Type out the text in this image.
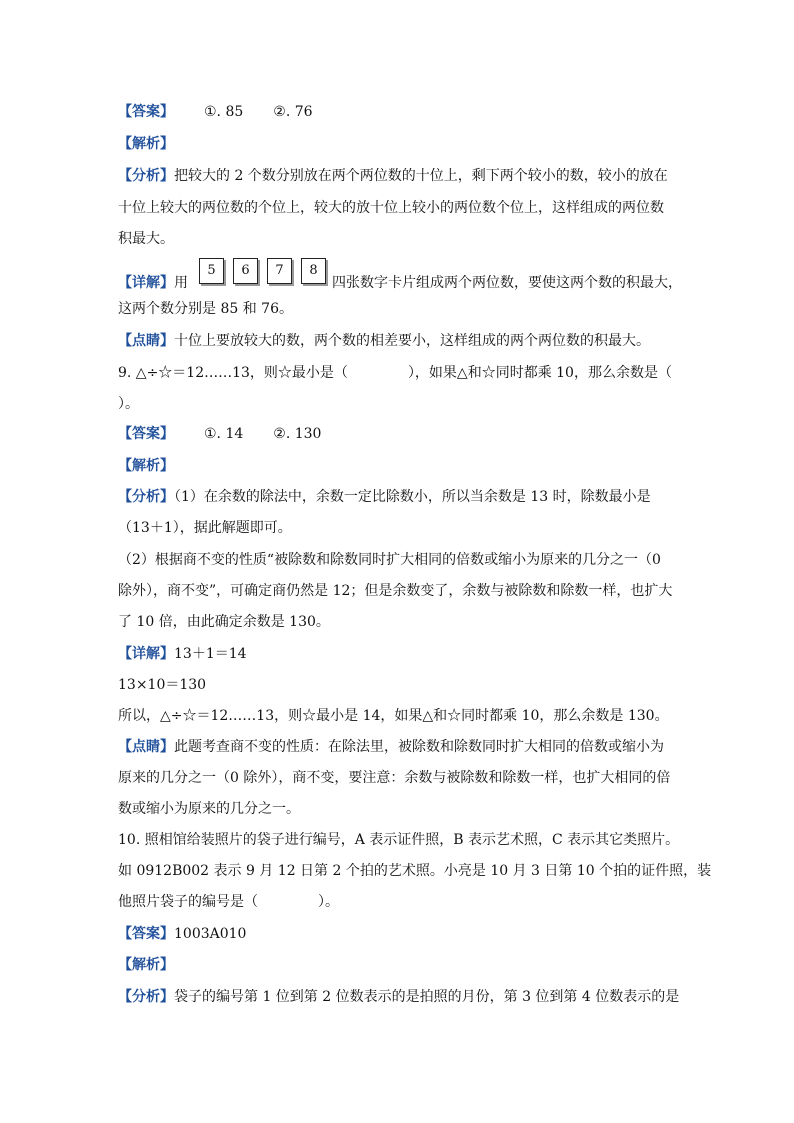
【答案】 ①. 85 ②. 76
【解析】
【分析】把较大的 2 个数分别放在两个两位数的十位上，剩下两个较小的数，较小的放在
十位上较大的两位数的个位上，较大的放十位上较小的两位数个位上，这样组成的两位数
积最大。
【详解】用
5 6 7 8
四张数字卡片组成两个两位数，要使这两个数的积最大，
这两个数分别是 85 和 76。
【点睛】十位上要放较大的数，两个数的相差要小，这样组成的两个两位数的积最大。
9. △÷☆＝12……13，则☆最小是（	），如果△和☆同时都乘 10，那么余数是（
）。
【答案】 ①. 14 ②. 130
【解析】
【分析】（1）在余数的除法中，余数一定比除数小，所以当余数是 13 时，除数最小是
（13＋1），据此解题即可。
（2）根据商不变的性质“被除数和除数同时扩大相同的倍数或缩小为原来的几分之一（0
除外），商不变”，可确定商仍然是 12；但是余数变了，余数与被除数和除数一样，也扩大
了 10 倍，由此确定余数是 130。
【详解】13＋1＝14
13×10＝130
所以，△÷☆＝12……13，则☆最小是 14，如果△和☆同时都乘 10，那么余数是 130。
【点睛】此题考查商不变的性质：在除法里，被除数和除数同时扩大相同的倍数或缩小为
原来的几分之一（0 除外），商不变，要注意：余数与被除数和除数一样，也扩大相同的倍
数或缩小为原来的几分之一。
10. 照相馆给装照片的袋子进行编号，A 表示证件照，B 表示艺术照，C 表示其它类照片。
如 0912B002 表示 9 月 12 日第 2 个拍的艺术照。小亮是 10 月 3 日第 10 个拍的证件照，装
他照片袋子的编号是（	）。
【答案】1003A010
【解析】
【分析】袋子的编号第 1 位到第 2 位数表示的是拍照的月份，第 3 位到第 4 位数表示的是
